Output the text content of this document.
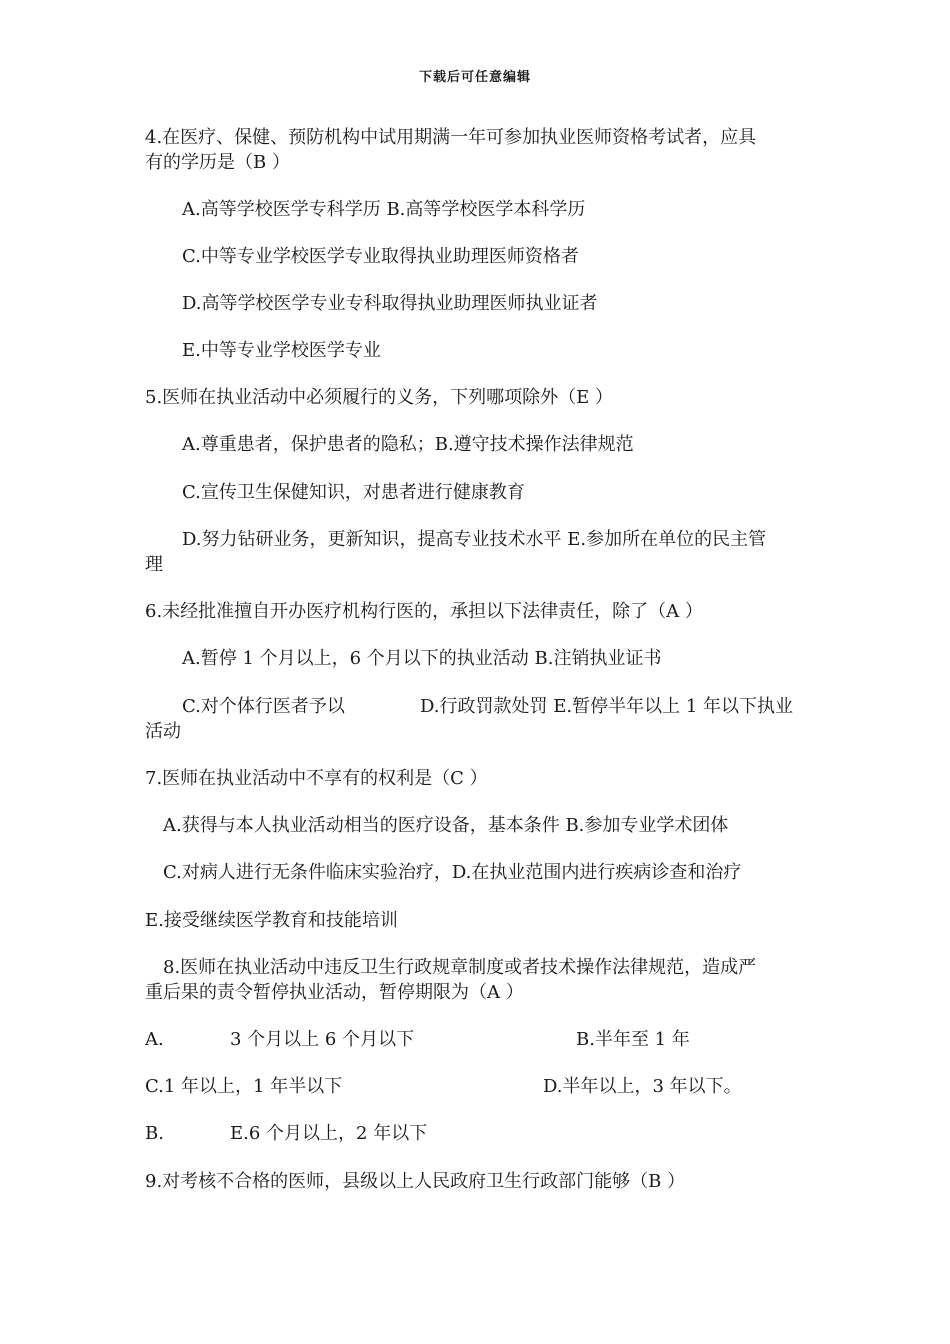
下载后可任意编辑
4.在医疗、保健、预防机构中试用期满一年可参加执业医师资格考试者，应具
有的学历是（B ）
A.高等学校医学专科学历 B.高等学校医学本科学历
C.中等专业学校医学专业取得执业助理医师资格者
D.高等学校医学专业专科取得执业助理医师执业证者
E.中等专业学校医学专业
5.医师在执业活动中必须履行的义务，下列哪项除外（E ）
A.尊重患者，保护患者的隐私；B.遵守技术操作法律规范
C.宣传卫生保健知识，对患者进行健康教育
D.努力钻研业务，更新知识，提高专业技术水平 E.参加所在单位的民主管
理
6.未经批准擅自开办医疗机构行医的，承担以下法律责任，除了（A ）
A.暂停 1 个月以上，6 个月以下的执业活动 B.注销执业证书
C.对个体行医者予以	D.行政罚款处罚 E.暂停半年以上 1 年以下执业
活动
7.医师在执业活动中不享有的权利是（C ）
A.获得与本人执业活动相当的医疗设备，基本条件 B.参加专业学术团体
C.对病人进行无条件临床实验治疗，D.在执业范围内进行疾病诊查和治疗
E.接受继续医学教育和技能培训
8.医师在执业活动中违反卫生行政规章制度或者技术操作法律规范，造成严
重后果的责令暂停执业活动，暂停期限为（A ）
A.	3 个月以上 6 个月以下	B.半年至 1 年
C.1 年以上，1 年半以下	D.半年以上，3 年以下。
B.	E.6 个月以上，2 年以下
9.对考核不合格的医师，县级以上人民政府卫生行政部门能够（B ）
